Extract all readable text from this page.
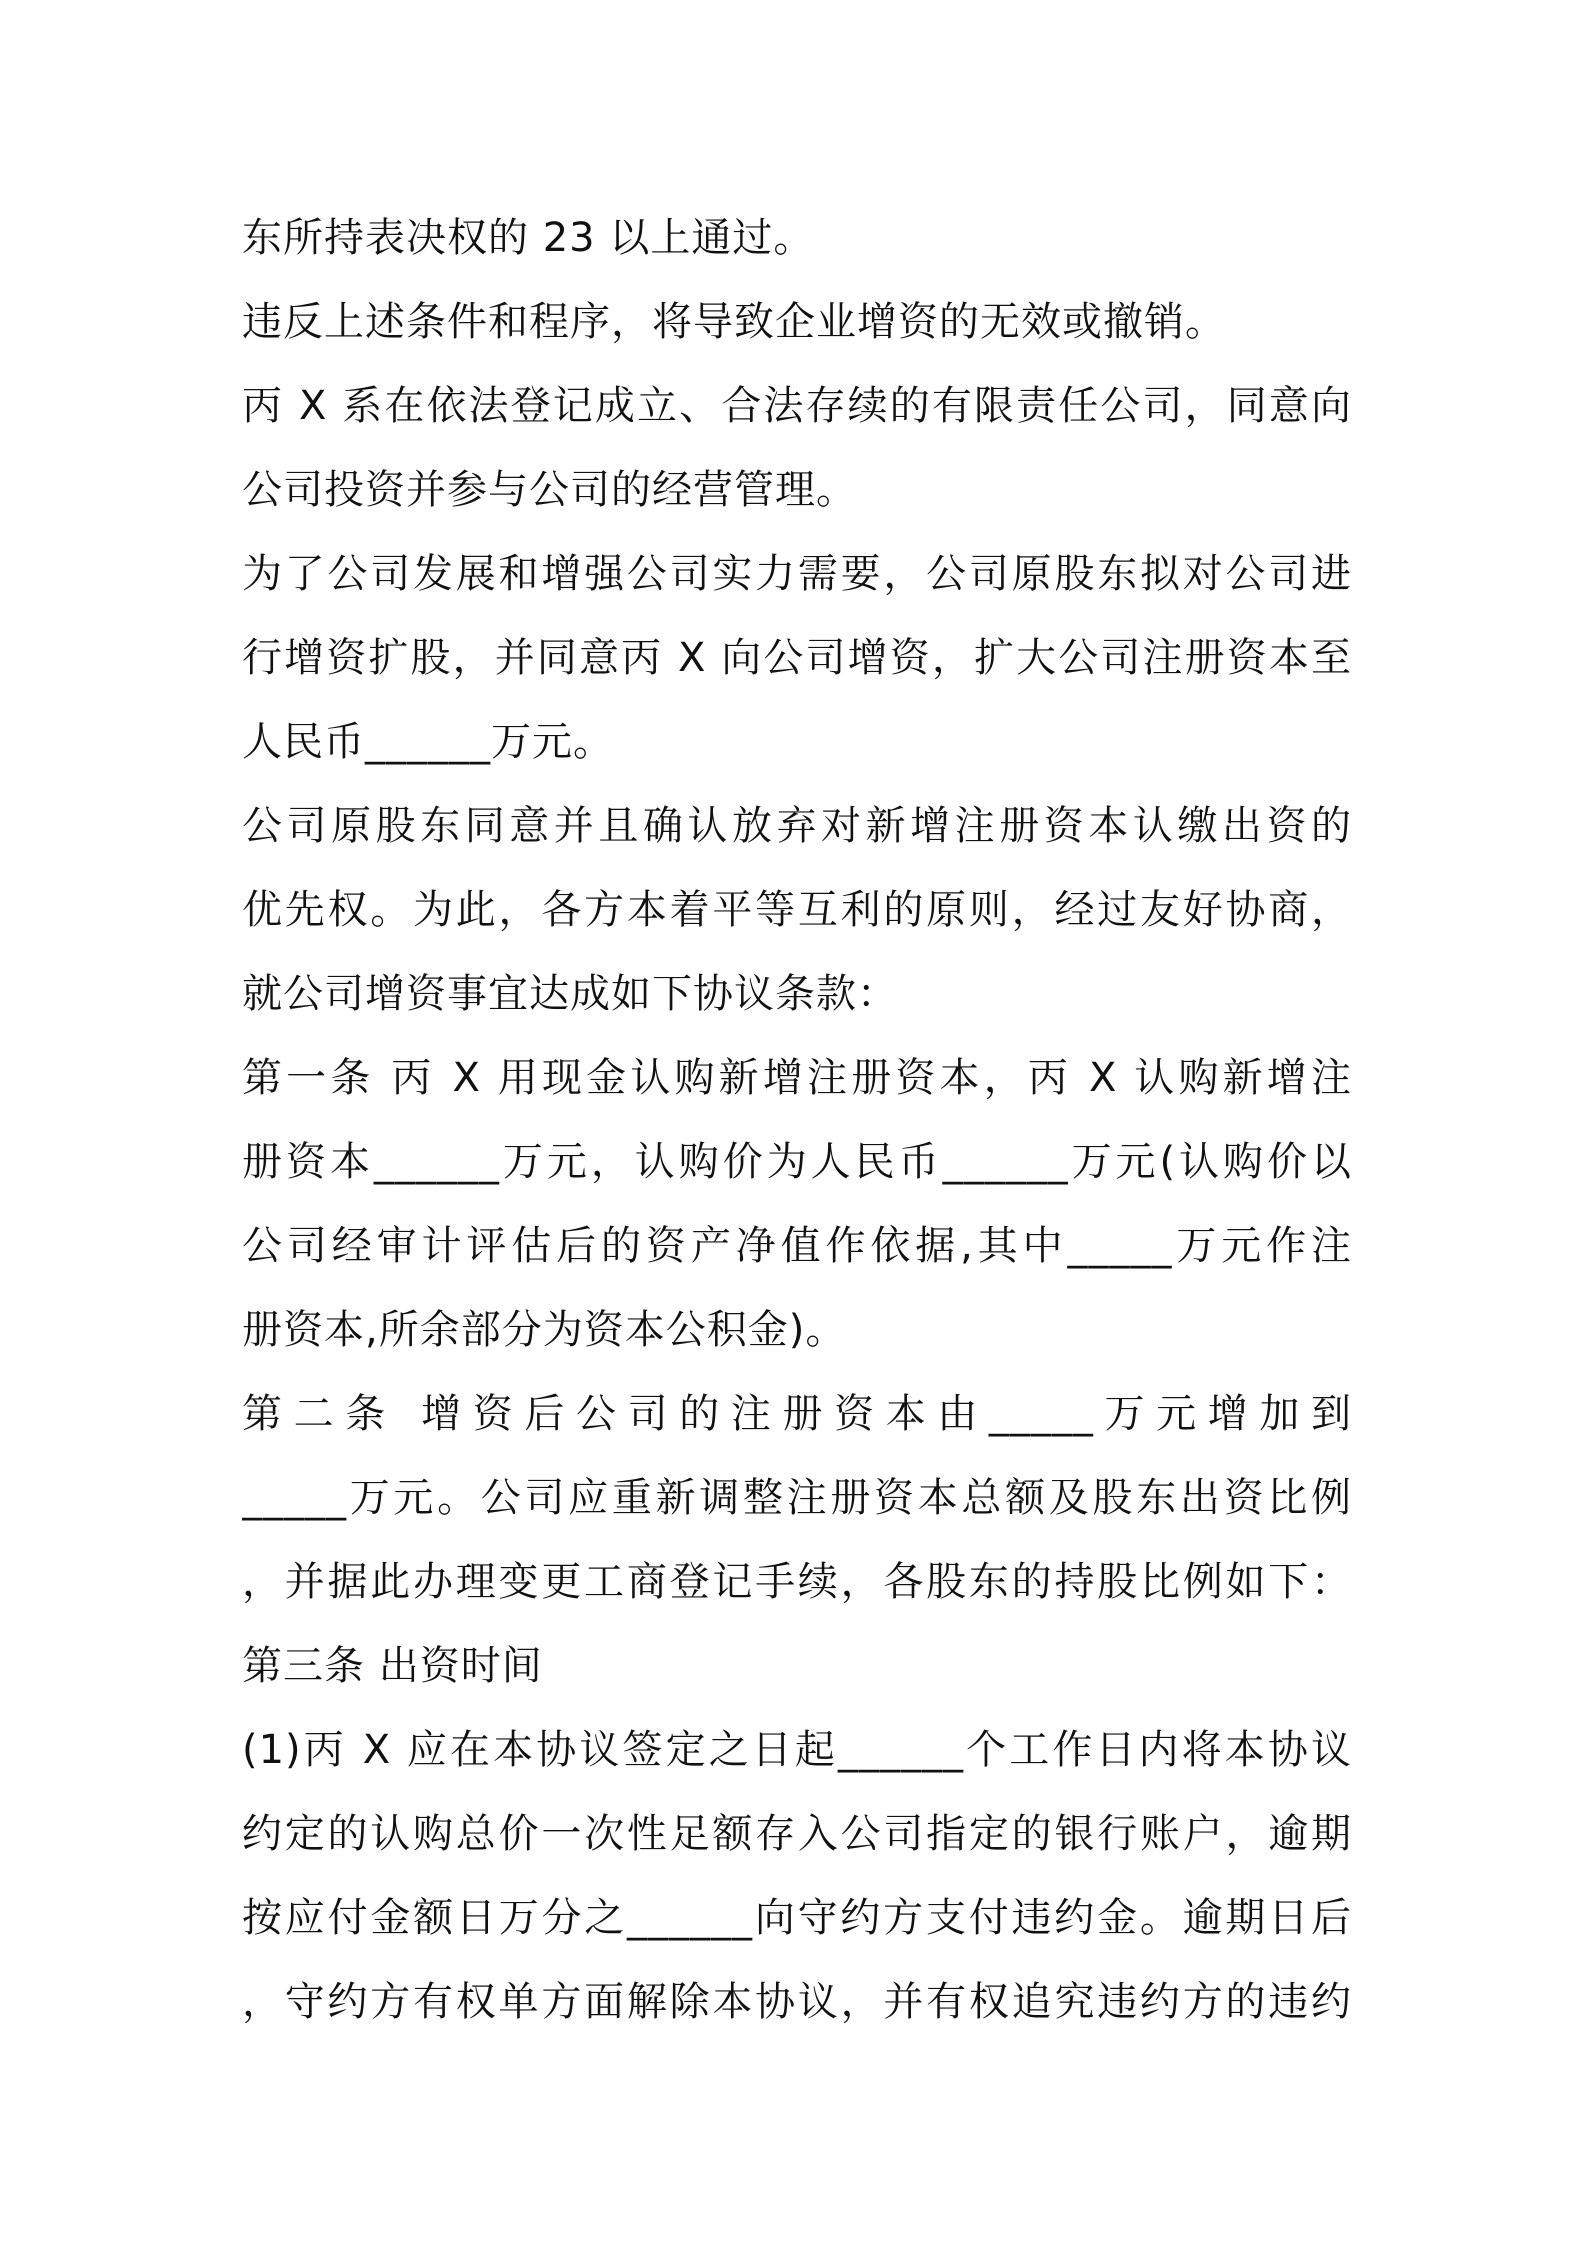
东所持表决权的 23 以上通过。
违反上述条件和程序，将导致企业增资的无效或撤销。
丙 X 系在依法登记成立、合法存续的有限责任公司，同意向
公司投资并参与公司的经营管理。
为了公司发展和增强公司实力需要，公司原股东拟对公司进
行增资扩股，并同意丙 X 向公司增资，扩大公司注册资本至
人民币______万元。
公司原股东同意并且确认放弃对新增注册资本认缴出资的
优先权。为此，各方本着平等互利的原则，经过友好协商，
就公司增资事宜达成如下协议条款：
第一条 丙 X 用现金认购新增注册资本，丙 X 认购新增注
册资本______万元，认购价为人民币______万元(认购价以
公司经审计评估后的资产净值作依据,其中_____万元作注
册资本,所余部分为资本公积金)。
第二条 增资后公司的注册资本由_____万元增加到
_____万元。公司应重新调整注册资本总额及股东出资比例
，并据此办理变更工商登记手续，各股东的持股比例如下：
第三条 出资时间
(1)丙 X 应在本协议签定之日起______个工作日内将本协议
约定的认购总价一次性足额存入公司指定的银行账户，逾期
按应付金额日万分之______向守约方支付违约金。逾期日后
，守约方有权单方面解除本协议，并有权追究违约方的违约
